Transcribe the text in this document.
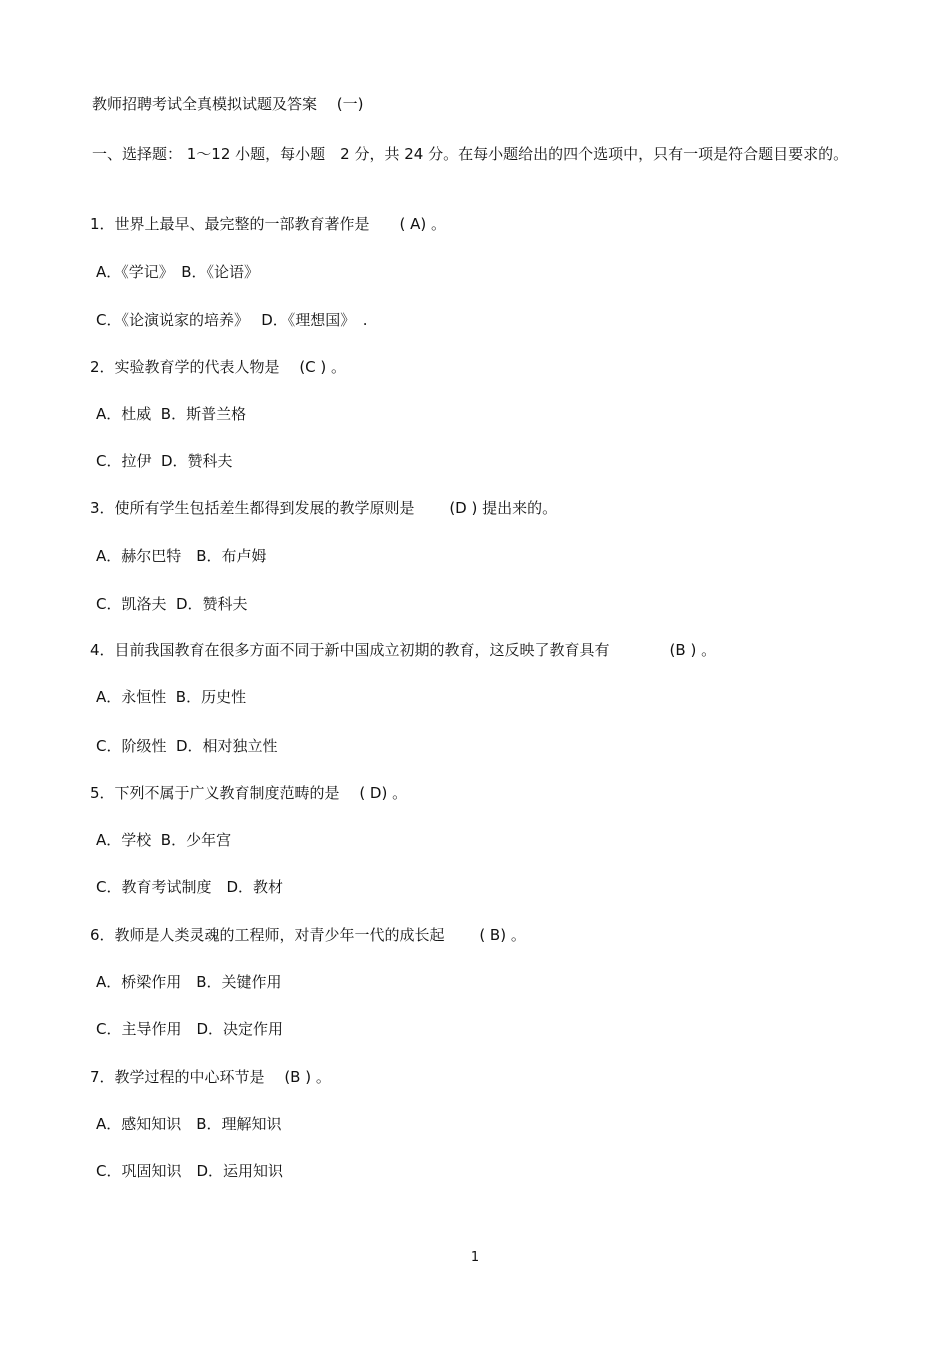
教师招聘考试全真模拟试题及答案　 (一)
一、选择题： 1～12 小题，每小题　2 分，共 24 分。在每小题给出的四个选项中，只有一项是符合题目要求的。
1．世界上最早、最完整的一部教育著作是　　( A) 。
A．《学记》　B．《论语》
C．《论演说家的培养》　 D．《理想国》　.
2．实验教育学的代表人物是　 (C ) 。
A．杜威  B．斯普兰格
C．拉伊  D．赞科夫
3．使所有学生包括差生都得到发展的教学原则是　　 (D ) 提出来的。
A．赫尔巴特　B．布卢姆
C．凯洛夫  D．赞科夫
4．目前我国教育在很多方面不同于新中国成立初期的教育，这反映了教育具有　　　　(B ) 。
A．永恒性  B．历史性
C．阶级性  D．相对独立性
5．下列不属于广义教育制度范畴的是　 ( D) 。
A．学校  B．少年宫
C．教育考试制度　D．教材
6．教师是人类灵魂的工程师，对青少年一代的成长起　　 ( B) 。
A．桥梁作用　B．关键作用
C．主导作用　D．决定作用
7．教学过程的中心环节是　 (B ) 。
A．感知知识　B．理解知识
C．巩固知识　D．运用知识
1
